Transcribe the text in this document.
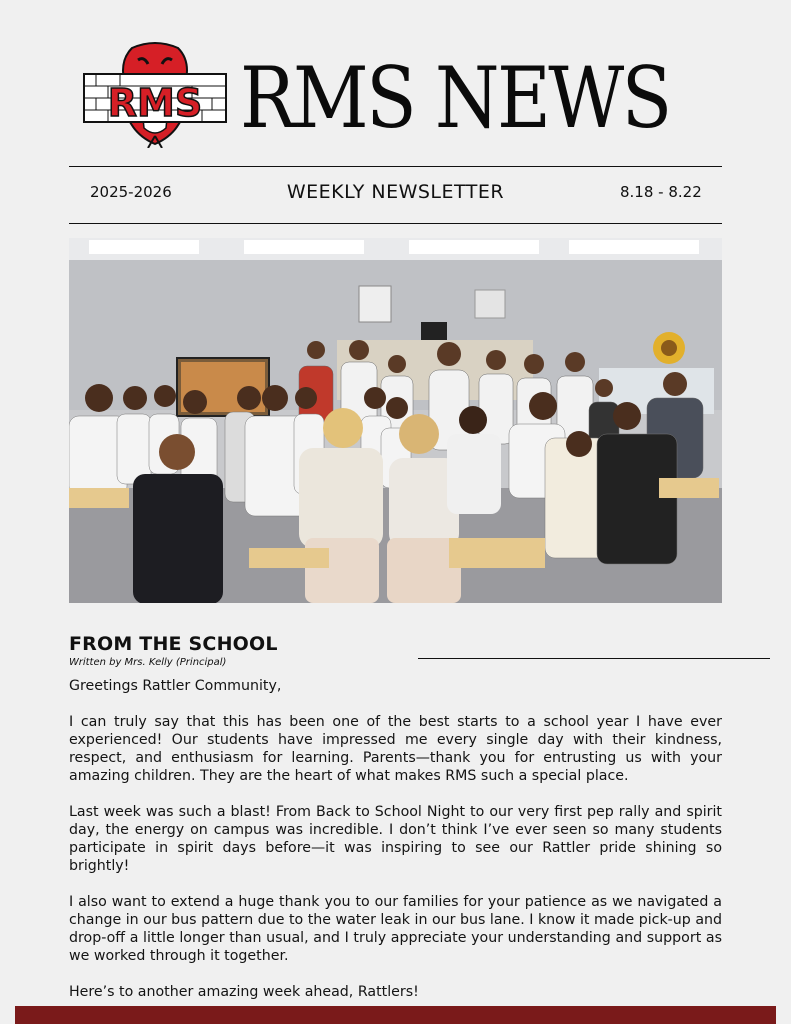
RMS RMS NEWS
2025-2026	WEEKLY NEWSLETTER	8.18 - 8.22
FROM THE SCHOOL
Written by Mrs. Kelly (Principal)

Greetings Rattler Community,

I can truly say that this has been one of the best starts to a school year I have ever experienced! Our students have impressed me every single day with their kindness, respect, and enthusiasm for learning. Parents—thank you for entrusting us with your amazing children. They are the heart of what makes RMS such a special place.

Last week was such a blast! From Back to School Night to our very first pep rally and spirit day, the energy on campus was incredible. I don’t think I’ve ever seen so many students participate in spirit days before—it was inspiring to see our Rattler pride shining so brightly!

I also want to extend a huge thank you to our families for your patience as we navigated a change in our bus pattern due to the water leak in our bus lane. I know it made pick-up and drop-off a little longer than usual, and I truly appreciate your understanding and support as we worked through it together.

Here’s to another amazing week ahead, Rattlers!
